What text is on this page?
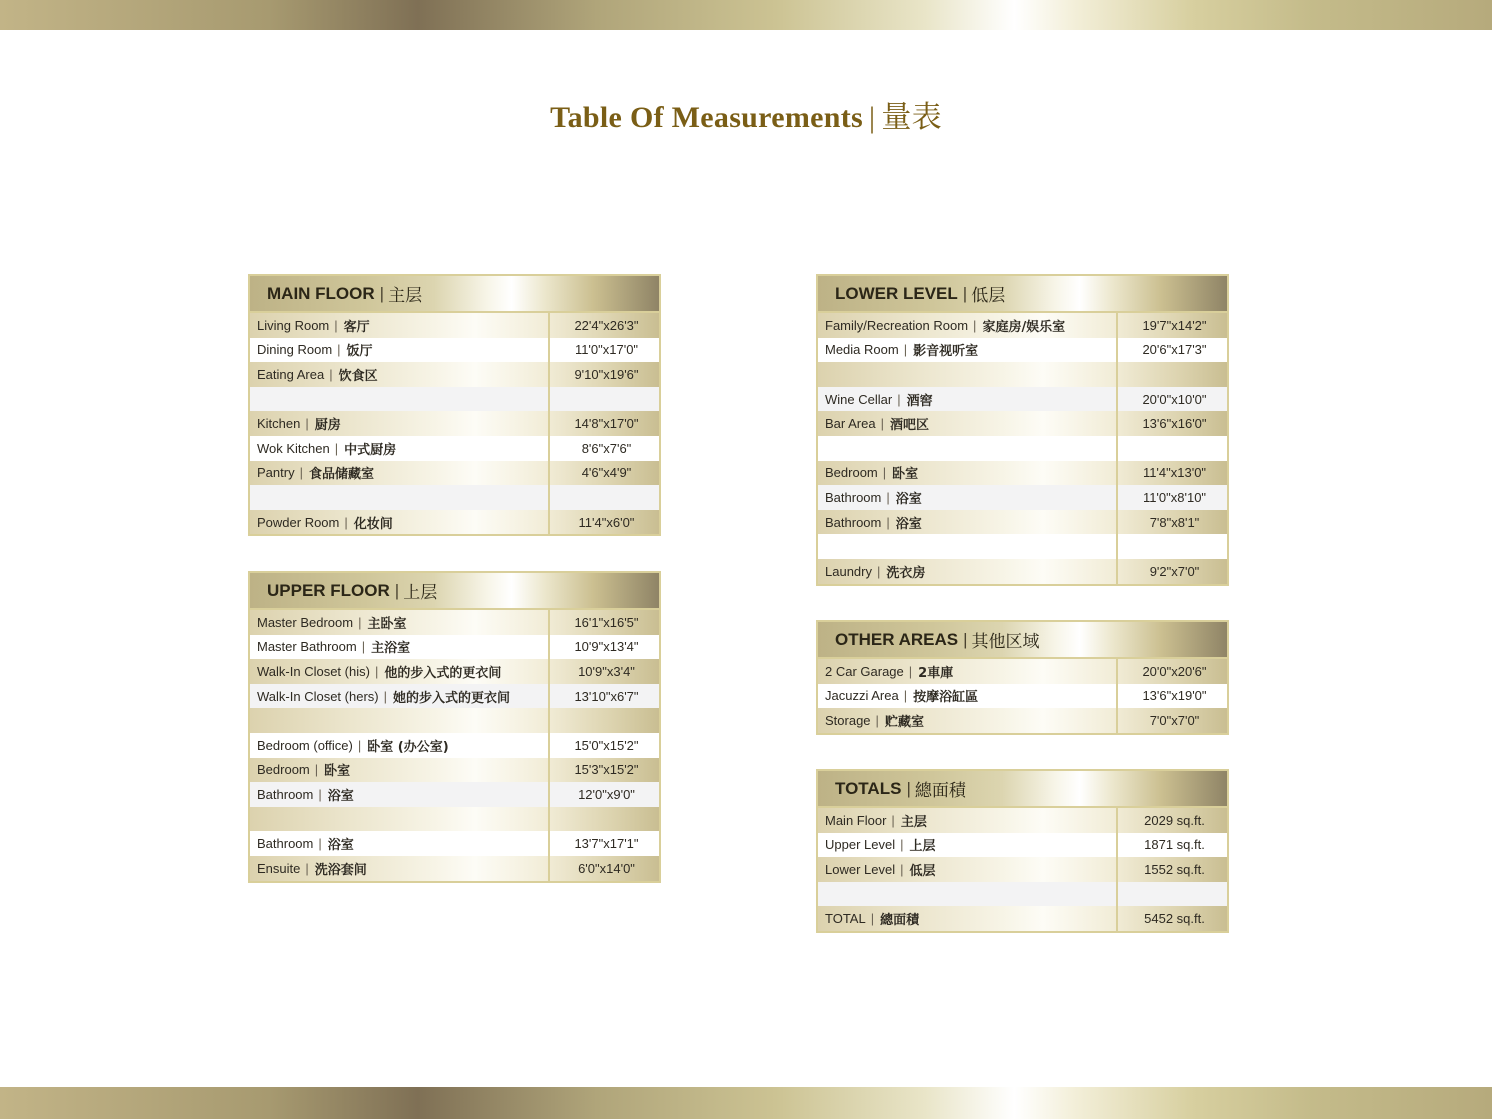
Table Of Measurements | 量表
MAIN FLOOR | 主层
Living Room | 客厅	22'4"x26'3"
Dining Room | 饭厅	11'0"x17'0"
Eating Area | 饮食区	9'10"x19'6"
Kitchen | 厨房	14'8"x17'0"
Wok Kitchen | 中式厨房	8'6"x7'6"
Pantry | 食品储藏室	4'6"x4'9"
Powder Room | 化妆间	11'4"x6'0"
UPPER FLOOR | 上层
Master Bedroom | 主卧室	16'1"x16'5"
Master Bathroom | 主浴室	10'9"x13'4"
Walk-In Closet (his) | 他的步入式的更衣间	10'9"x3'4"
Walk-In Closet (hers) | 她的步入式的更衣间	13'10"x6'7"
Bedroom (office) | 卧室 (办公室)	15'0"x15'2"
Bedroom | 卧室	15'3"x15'2"
Bathroom | 浴室	12'0"x9'0"
Bathroom | 浴室	13'7"x17'1"
Ensuite | 洗浴套间	6'0"x14'0"
LOWER LEVEL | 低层
Family/Recreation Room | 家庭房/娱乐室	19'7"x14'2"
Media Room | 影音视听室	20'6"x17'3"
Wine Cellar | 酒窖	20'0"x10'0"
Bar Area | 酒吧区	13'6"x16'0"
Bedroom | 卧室	11'4"x13'0"
Bathroom | 浴室	11'0"x8'10"
Bathroom | 浴室	7'8"x8'1"
Laundry | 洗衣房	9'2"x7'0"
OTHER AREAS | 其他区域
2 Car Garage | 2車庫	20'0"x20'6"
Jacuzzi Area | 按摩浴缸區	13'6"x19'0"
Storage | 贮藏室	7'0"x7'0"
TOTALS | 總面積
Main Floor | 主层	2029 sq.ft.
Upper Level | 上层	1871 sq.ft.
Lower Level | 低层	1552 sq.ft.
TOTAL | 總面積	5452 sq.ft.
